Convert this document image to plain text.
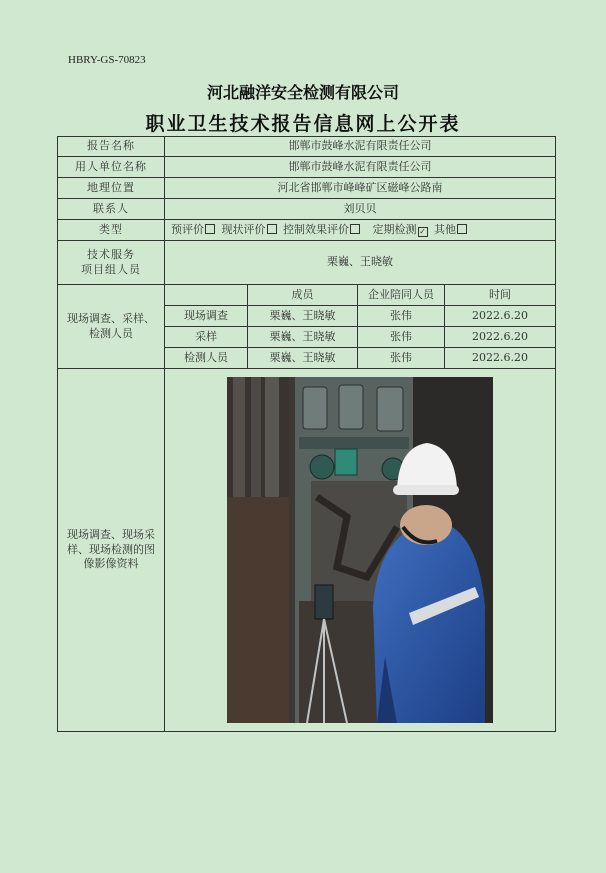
HBRY-GS-70823
河北融洋安全检测有限公司
职业卫生技术报告信息网上公开表
报告名称	邯郸市鼓峰水泥有限责任公司			
用人单位名称	邯郸市鼓峰水泥有限责任公司			
地理位置	河北省邯郸市峰峰矿区磁峰公路南			
联系人	刘贝贝			
类型	预评价 现状评价 控制效果评价 定期检测 ✓ 其他			

技术服务
项目组人员	栗巍、王晓敏			

现场调查、采样、
检测人员		成员	企业陪同人员	时间
	现场调查	栗巍、王晓敏	张伟	2022.6.20
	采样	栗巍、王晓敏	张伟	2022.6.20
	检测人员	栗巍、王晓敏	张伟	2022.6.20

现场调查、现场采
样、现场检测的图
像影像资料
